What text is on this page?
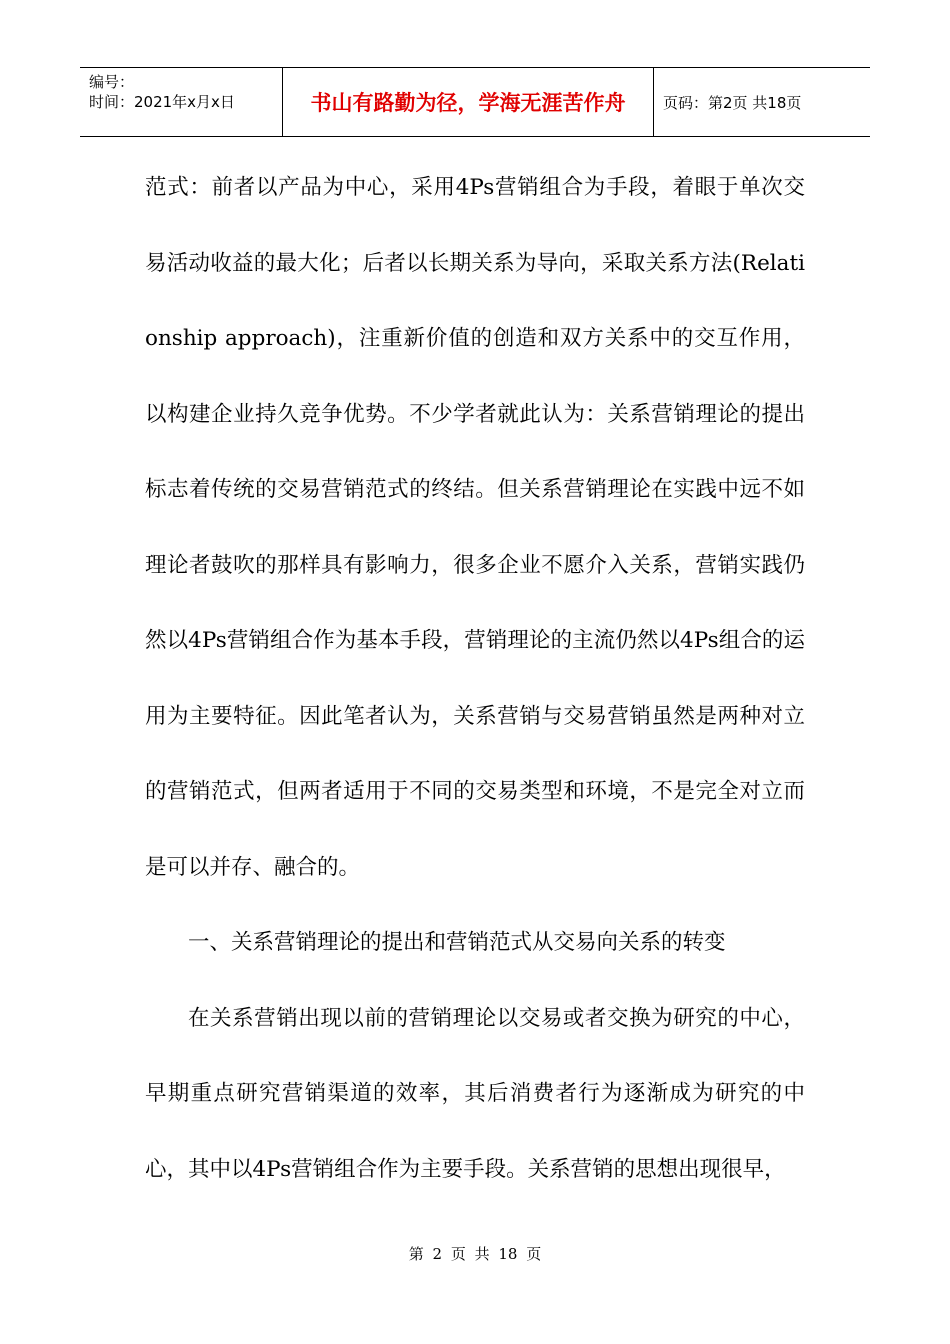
编号：
时间：2021年x月x日	书山有路勤为径，学海无涯苦作舟	页码：第2页 共18页

范式：前者以产品为中心，采用4Ps营销组合为手段，着眼于单次交易活动收益的最大化；后者以长期关系为导向，采取关系方法(Relationship approach)，注重新价值的创造和双方关系中的交互作用，以构建企业持久竞争优势。不少学者就此认为：关系营销理论的提出标志着传统的交易营销范式的终结。但关系营销理论在实践中远不如理论者鼓吹的那样具有影响力，很多企业不愿介入关系，营销实践仍然以4Ps营销组合作为基本手段，营销理论的主流仍然以4Ps组合的运用为主要特征。因此笔者认为，关系营销与交易营销虽然是两种对立的营销范式，但两者适用于不同的交易类型和环境，不是完全对立而是可以并存、融合的。

一、关系营销理论的提出和营销范式从交易向关系的转变

在关系营销出现以前的营销理论以交易或者交换为研究的中心，早期重点研究营销渠道的效率，其后消费者行为逐渐成为研究的中心，其中以4Ps营销组合作为主要手段。关系营销的思想出现很早，

第 2 页 共 18 页
